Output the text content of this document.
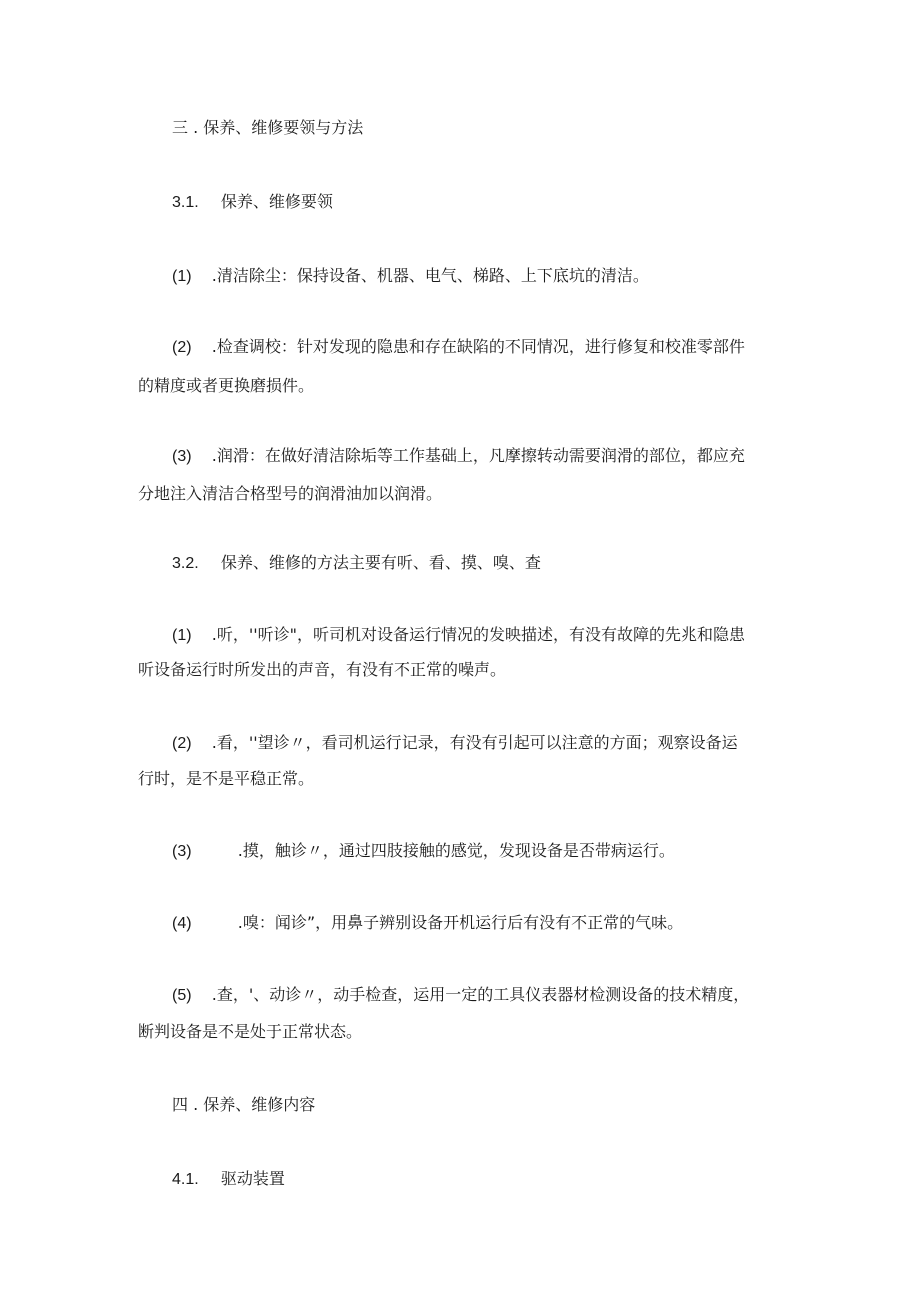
三 . 保养、维修要领与方法
3.1. 保养、维修要领
(1) .清洁除尘：保持设备、机器、电气、梯路、上下底坑的清洁。
(2) .检查调校：针对发现的隐患和存在缺陷的不同情况，进行修复和校准零部件
的精度或者更换磨损件。
(3) .润滑：在做好清洁除垢等工作基础上，凡摩擦转动需要润滑的部位，都应充
分地注入清洁合格型号的润滑油加以润滑。
3.2. 保养、维修的方法主要有听、看、摸、嗅、查
(1) .听，''听诊"，听司机对设备运行情况的发映描述，有没有故障的先兆和隐患
听设备运行时所发出的声音，有没有不正常的噪声。
(2) .看，''望诊〃，看司机运行记录，有没有引起可以注意的方面；观察设备运
行时，是不是平稳正常。
(3)	.摸，触诊〃，通过四肢接触的感觉，发现设备是否带病运行。
(4)	.嗅：闻诊”，用鼻子辨别设备开机运行后有没有不正常的气味。
(5) .查，'、动诊〃，动手检查，运用一定的工具仪表器材检测设备的技术精度，
断判设备是不是处于正常状态。
四 . 保养、维修内容
4.1. 驱动装置
